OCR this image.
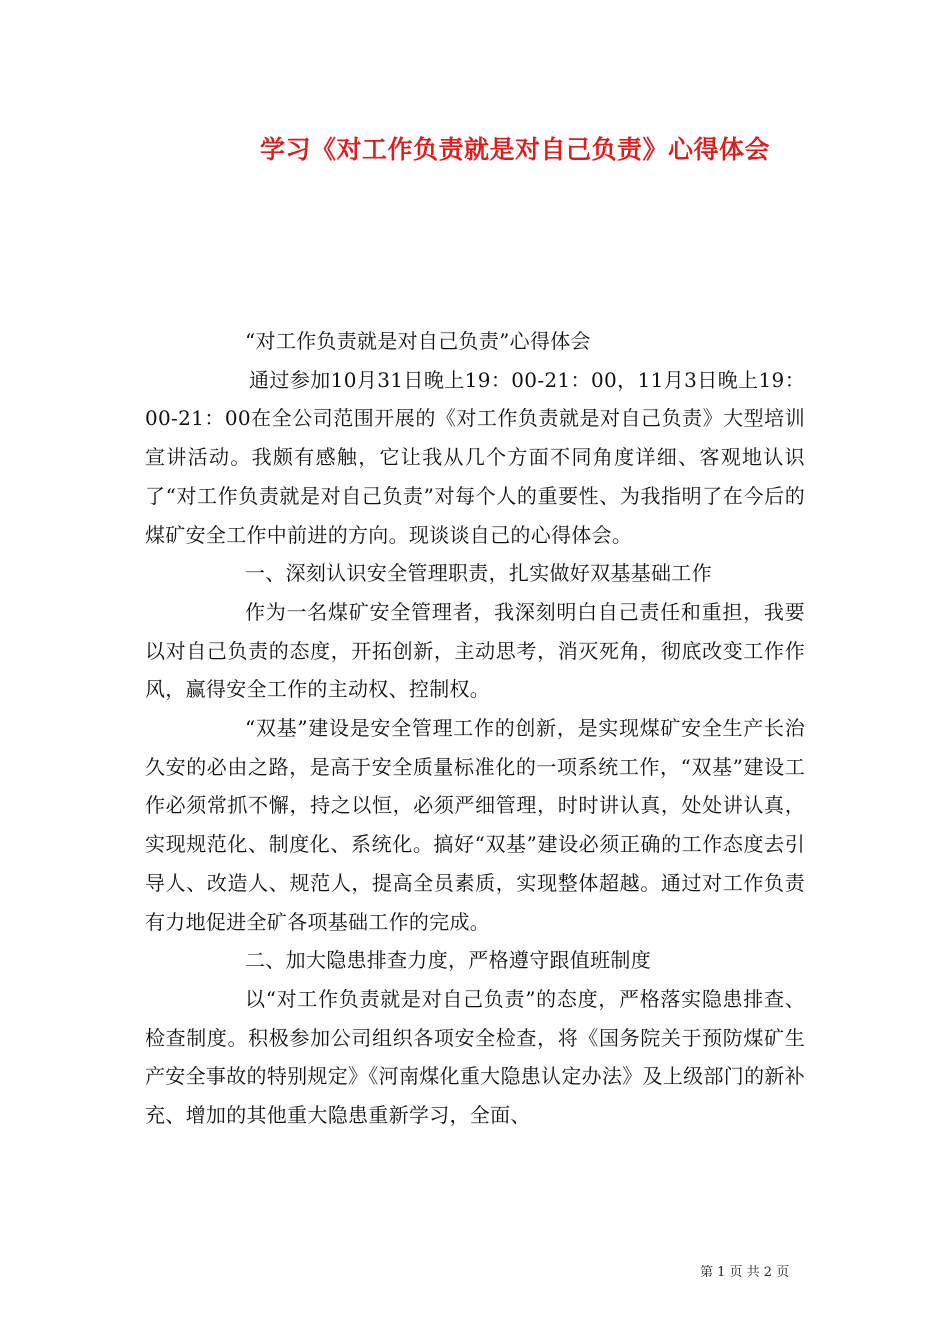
学习《对工作负责就是对自己负责》心得体会

“对工作负责就是对自己负责”心得体会

通过参加10月31日晚上19：00-21：00，11月3日晚上19：00-21：00在全公司范围开展的《对工作负责就是对自己负责》大型培训宣讲活动。我颇有感触，它让我从几个方面不同角度详细、客观地认识了“对工作负责就是对自己负责”对每个人的重要性、为我指明了在今后的煤矿安全工作中前进的方向。现谈谈自己的心得体会。

一、深刻认识安全管理职责，扎实做好双基基础工作

作为一名煤矿安全管理者，我深刻明白自己责任和重担，我要以对自己负责的态度，开拓创新，主动思考，消灭死角，彻底改变工作作风，赢得安全工作的主动权、控制权。

“双基”建设是安全管理工作的创新，是实现煤矿安全生产长治久安的必由之路，是高于安全质量标准化的一项系统工作，“双基”建设工作必须常抓不懈，持之以恒，必须严细管理，时时讲认真，处处讲认真，实现规范化、制度化、系统化。搞好“双基”建设必须正确的工作态度去引导人、改造人、规范人，提高全员素质，实现整体超越。通过对工作负责有力地促进全矿各项基础工作的完成。

二、加大隐患排查力度，严格遵守跟值班制度

以“对工作负责就是对自己负责”的态度，严格落实隐患排查、检查制度。积极参加公司组织各项安全检查，将《国务院关于预防煤矿生产安全事故的特别规定》《河南煤化重大隐患认定办法》及上级部门的新补充、增加的其他重大隐患重新学习，全面、

第 1 页 共 2 页
